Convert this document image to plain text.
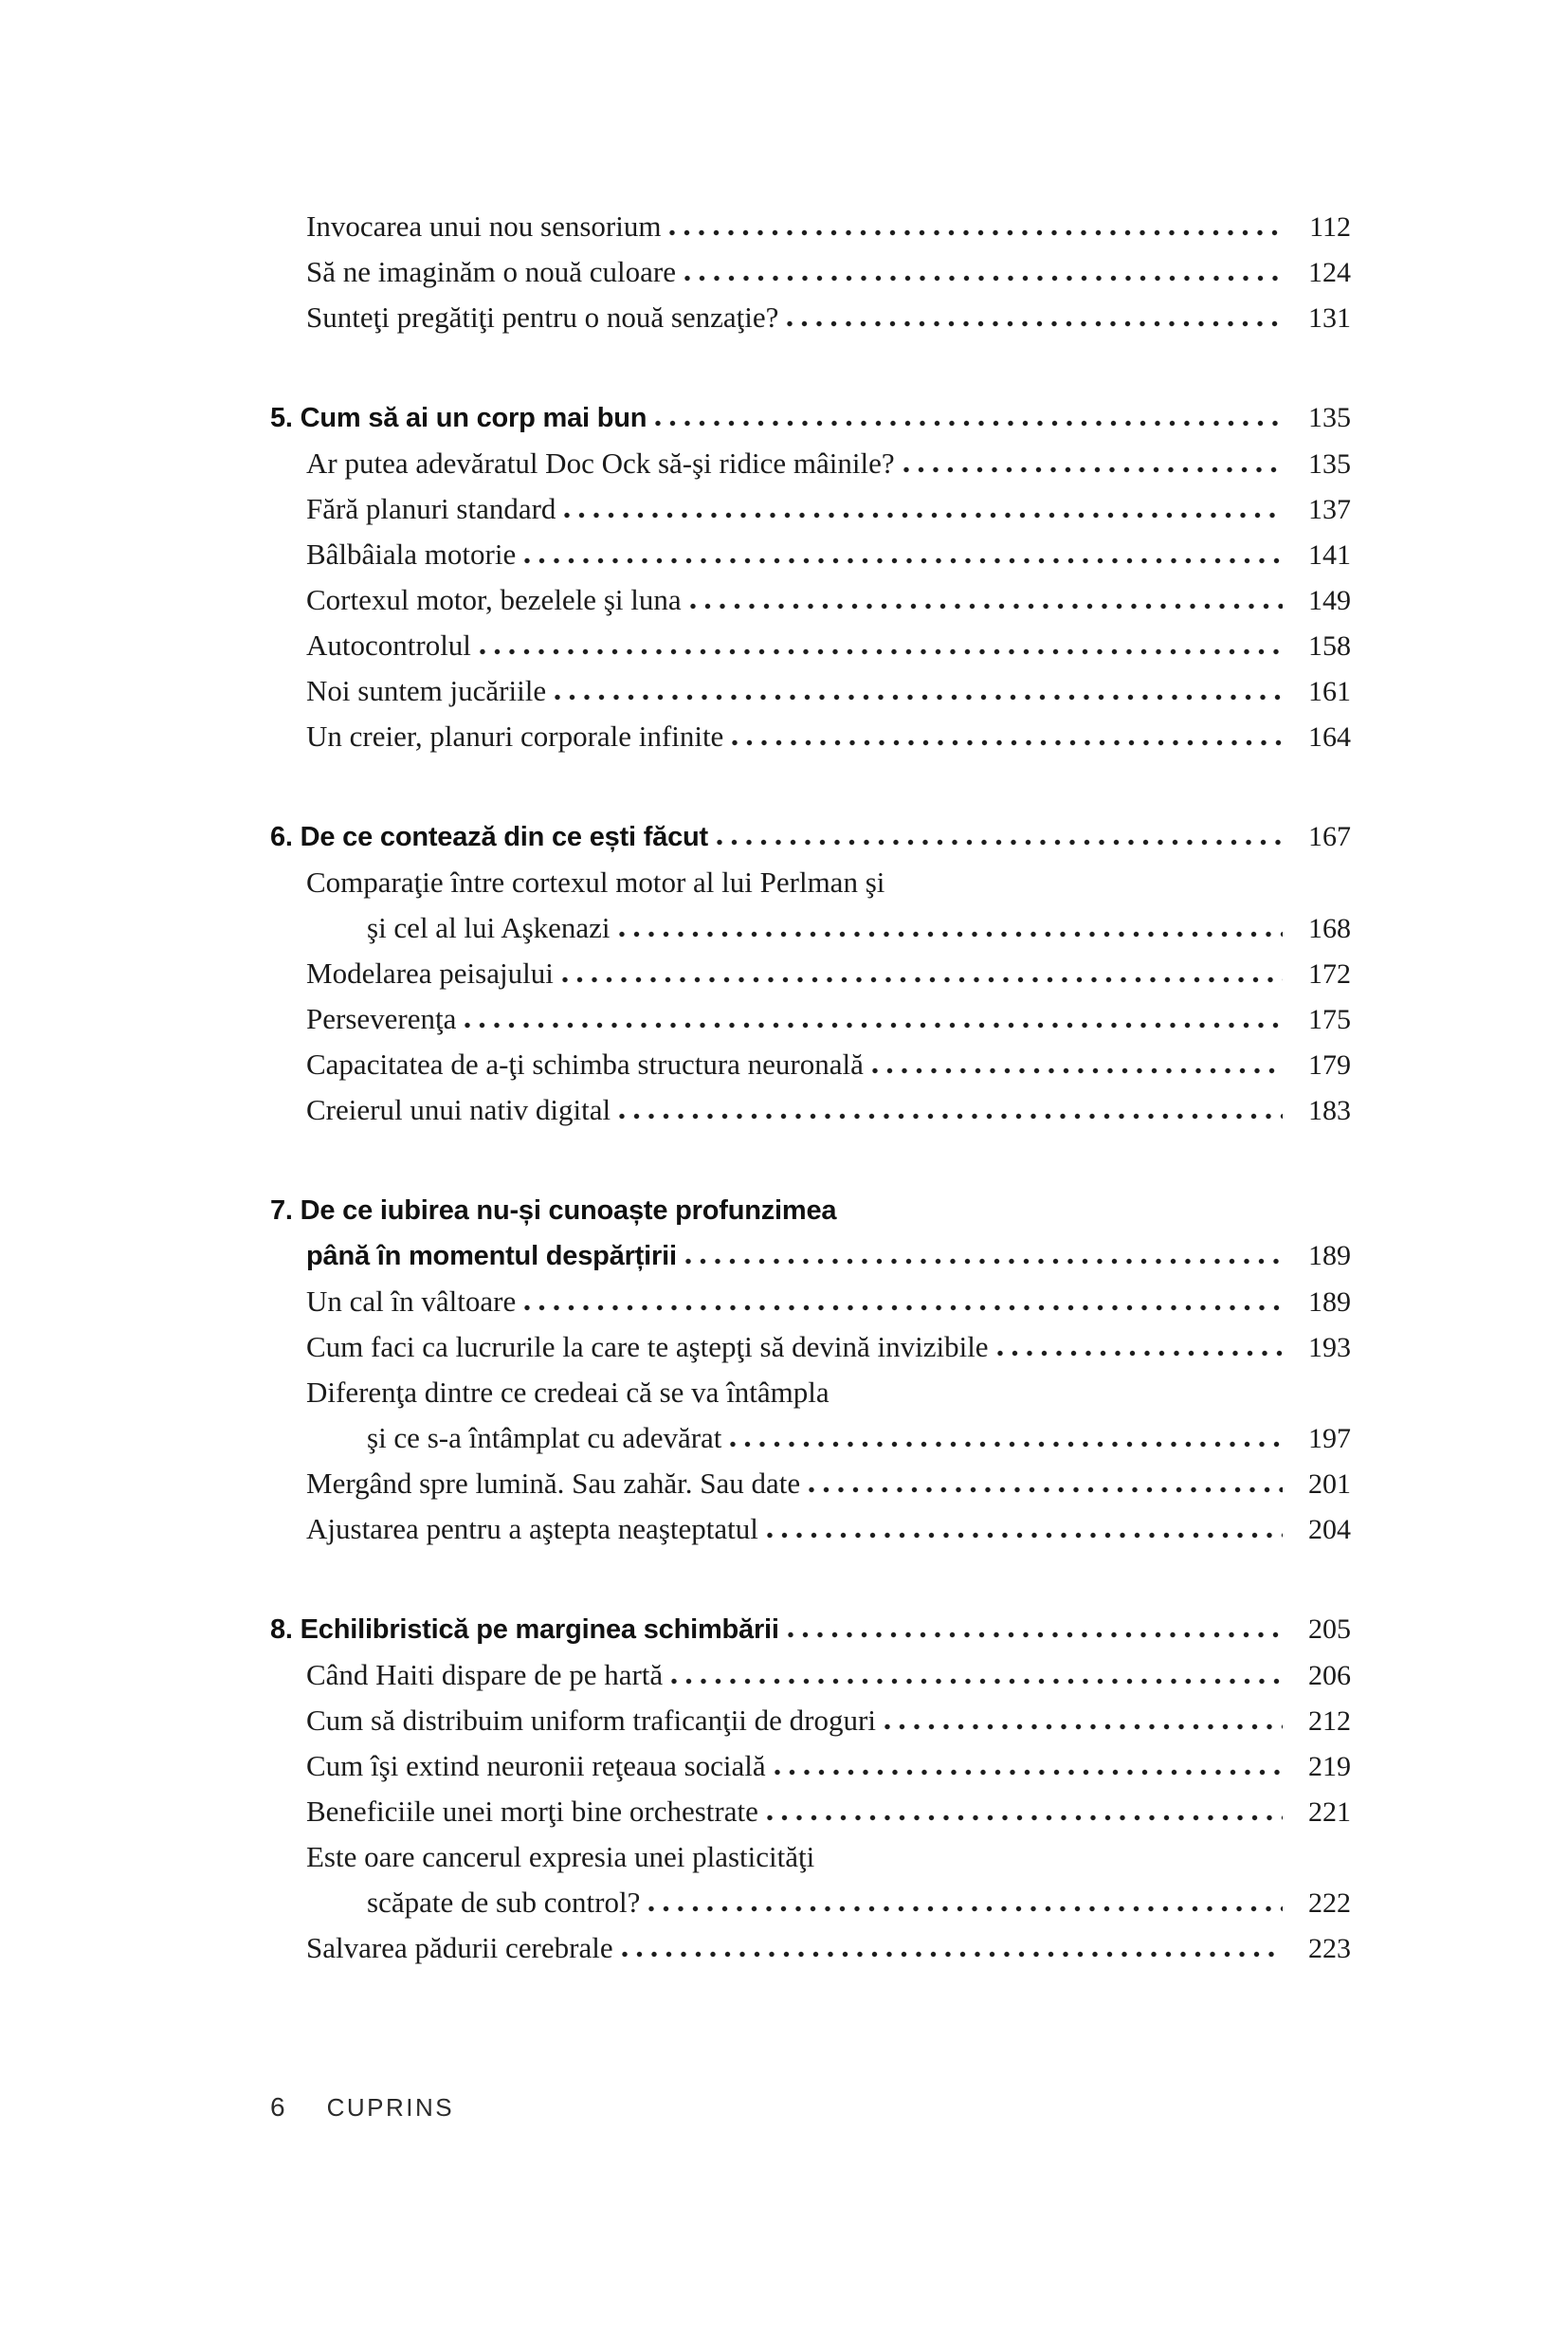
Invocarea unui nou sensorium	112
Să ne imaginăm o nouă culoare	124
Sunteţi pregătiţi pentru o nouă senzaţie?	131
5. Cum să ai un corp mai bun	135
Ar putea adevăratul Doc Ock să-şi ridice mâinile?	135
Fără planuri standard	137
Bâlbâiala motorie	141
Cortexul motor, bezelele şi luna	149
Autocontrolul	158
Noi suntem jucăriile	161
Un creier, planuri corporale infinite	164
6. De ce contează din ce ești făcut	167
Comparaţie între cortexul motor al lui Perlman şi
şi cel al lui Aşkenazi	168
Modelarea peisajului	172
Perseverenţa	175
Capacitatea de a-ţi schimba structura neuronală	179
Creierul unui nativ digital	183
7. De ce iubirea nu-și cunoaște profunzimea
până în momentul despărțirii	189
Un cal în vâltoare	189
Cum faci ca lucrurile la care te aştepţi să devină invizibile	193
Diferenţa dintre ce credeai că se va întâmpla
şi ce s-a întâmplat cu adevărat	197
Mergând spre lumină. Sau zahăr. Sau date	201
Ajustarea pentru a aştepta neaşteptatul	204
8. Echilibristică pe marginea schimbării	205
Când Haiti dispare de pe hartă	206
Cum să distribuim uniform traficanţii de droguri	212
Cum îşi extind neuronii reţeaua socială	219
Beneficiile unei morţi bine orchestrate	221
Este oare cancerul expresia unei plasticităţi
scăpate de sub control?	222
Salvarea pădurii cerebrale	223
6 CUPRINS
